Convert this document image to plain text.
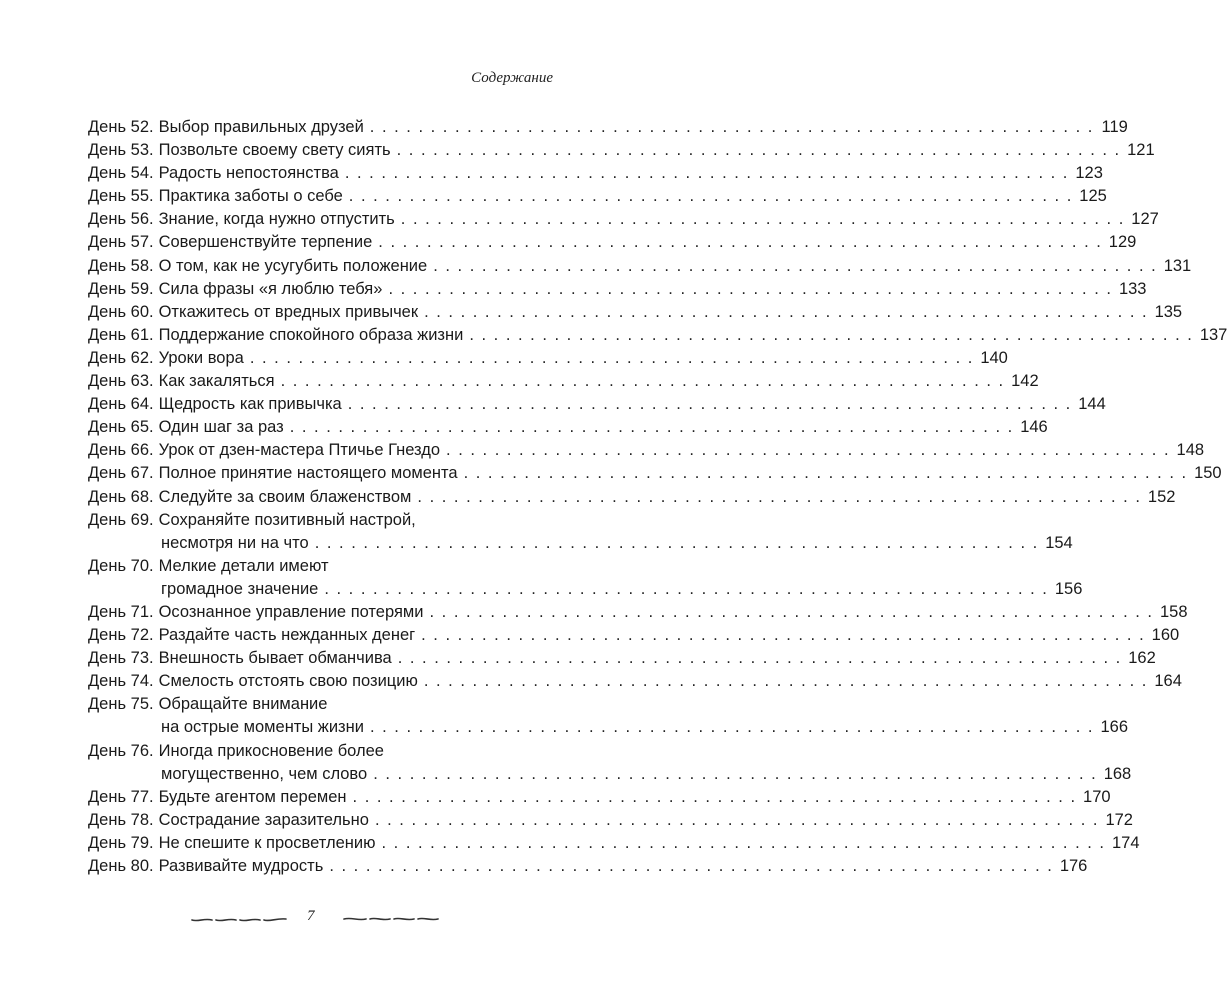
Содержание
День 52. Выбор правильных друзей . . . . . . . . . . . . . . . . . . . . . . . . . . . . . . . . . . . . . . . . . . . . . . . . . . . . . . . . . . . . 119
День 53. Позвольте своему свету сиять . . . . . . . . . . . . . . . . . . . . . . . . . . . . . . . . . . . . . . . . . . . . . . . . . . . . . . . . . . . . 121
День 54. Радость непостоянства . . . . . . . . . . . . . . . . . . . . . . . . . . . . . . . . . . . . . . . . . . . . . . . . . . . . . . . . . . . . 123
День 55. Практика заботы о себе . . . . . . . . . . . . . . . . . . . . . . . . . . . . . . . . . . . . . . . . . . . . . . . . . . . . . . . . . . . . 125
День 56. Знание, когда нужно отпустить . . . . . . . . . . . . . . . . . . . . . . . . . . . . . . . . . . . . . . . . . . . . . . . . . . . . . . . . . . . . 127
День 57. Совершенствуйте терпение . . . . . . . . . . . . . . . . . . . . . . . . . . . . . . . . . . . . . . . . . . . . . . . . . . . . . . . . . . . . 129
День 58. О том, как не усугубить положение . . . . . . . . . . . . . . . . . . . . . . . . . . . . . . . . . . . . . . . . . . . . . . . . . . . . . . . . . . . . 131
День 59. Сила фразы «я люблю тебя» . . . . . . . . . . . . . . . . . . . . . . . . . . . . . . . . . . . . . . . . . . . . . . . . . . . . . . . . . . . . 133
День 60. Откажитесь от вредных привычек . . . . . . . . . . . . . . . . . . . . . . . . . . . . . . . . . . . . . . . . . . . . . . . . . . . . . . . . . . . . 135
День 61. Поддержание спокойного образа жизни . . . . . . . . . . . . . . . . . . . . . . . . . . . . . . . . . . . . . . . . . . . . . . . . . . . . . . . . . . . . 137
День 62. Уроки вора . . . . . . . . . . . . . . . . . . . . . . . . . . . . . . . . . . . . . . . . . . . . . . . . . . . . . . . . . . . . 140
День 63. Как закаляться . . . . . . . . . . . . . . . . . . . . . . . . . . . . . . . . . . . . . . . . . . . . . . . . . . . . . . . . . . . . 142
День 64. Щедрость как привычка . . . . . . . . . . . . . . . . . . . . . . . . . . . . . . . . . . . . . . . . . . . . . . . . . . . . . . . . . . . . 144
День 65. Один шаг за раз . . . . . . . . . . . . . . . . . . . . . . . . . . . . . . . . . . . . . . . . . . . . . . . . . . . . . . . . . . . . 146
День 66. Урок от дзен-мастера Птичье Гнездо . . . . . . . . . . . . . . . . . . . . . . . . . . . . . . . . . . . . . . . . . . . . . . . . . . . . . . . . . . . . 148
День 67. Полное принятие настоящего момента . . . . . . . . . . . . . . . . . . . . . . . . . . . . . . . . . . . . . . . . . . . . . . . . . . . . . . . . . . . . 150
День 68. Следуйте за своим блаженством . . . . . . . . . . . . . . . . . . . . . . . . . . . . . . . . . . . . . . . . . . . . . . . . . . . . . . . . . . . . 152
День 69. Сохраняйте позитивный настрой,
несмотря ни на что . . . . . . . . . . . . . . . . . . . . . . . . . . . . . . . . . . . . . . . . . . . . . . . . . . . . . . . . . . . . 154
День 70. Мелкие детали имеют
громадное значение . . . . . . . . . . . . . . . . . . . . . . . . . . . . . . . . . . . . . . . . . . . . . . . . . . . . . . . . . . . . 156
День 71. Осознанное управление потерями . . . . . . . . . . . . . . . . . . . . . . . . . . . . . . . . . . . . . . . . . . . . . . . . . . . . . . . . . . . . 158
День 72. Раздайте часть нежданных денег . . . . . . . . . . . . . . . . . . . . . . . . . . . . . . . . . . . . . . . . . . . . . . . . . . . . . . . . . . . . 160
День 73. Внешность бывает обманчива . . . . . . . . . . . . . . . . . . . . . . . . . . . . . . . . . . . . . . . . . . . . . . . . . . . . . . . . . . . . 162
День 74. Смелость отстоять свою позицию . . . . . . . . . . . . . . . . . . . . . . . . . . . . . . . . . . . . . . . . . . . . . . . . . . . . . . . . . . . . 164
День 75. Обращайте внимание
на острые моменты жизни . . . . . . . . . . . . . . . . . . . . . . . . . . . . . . . . . . . . . . . . . . . . . . . . . . . . . . . . . . . . 166
День 76. Иногда прикосновение более
могущественно, чем слово . . . . . . . . . . . . . . . . . . . . . . . . . . . . . . . . . . . . . . . . . . . . . . . . . . . . . . . . . . . . 168
День 77. Будьте агентом перемен . . . . . . . . . . . . . . . . . . . . . . . . . . . . . . . . . . . . . . . . . . . . . . . . . . . . . . . . . . . . 170
День 78. Сострадание заразительно . . . . . . . . . . . . . . . . . . . . . . . . . . . . . . . . . . . . . . . . . . . . . . . . . . . . . . . . . . . . 172
День 79. Не спешите к просветлению . . . . . . . . . . . . . . . . . . . . . . . . . . . . . . . . . . . . . . . . . . . . . . . . . . . . . . . . . . . . 174
День 80. Развивайте мудрость . . . . . . . . . . . . . . . . . . . . . . . . . . . . . . . . . . . . . . . . . . . . . . . . . . . . . . . . . . . . 176
7
